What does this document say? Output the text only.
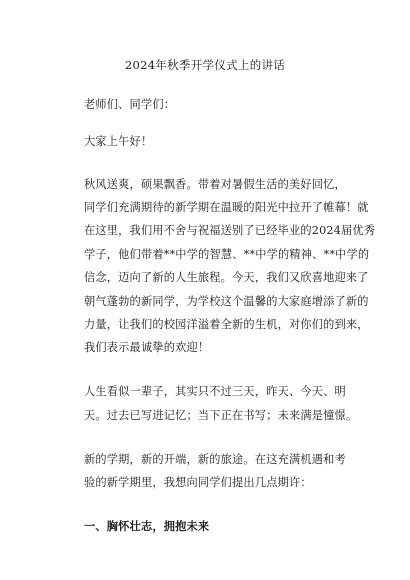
2024年秋季开学仪式上的讲话
老师们、同学们：
大家上午好！
秋风送爽，硕果飘香。带着对暑假生活的美好回忆，
同学们充满期待的新学期在温暖的阳光中拉开了帷幕！就
在这里，我们用不舍与祝福送别了已经毕业的2024届优秀
学子，他们带着**中学的智慧、**中学的精神、**中学的
信念，迈向了新的人生旅程。今天，我们又欣喜地迎来了
朝气蓬勃的新同学，为学校这个温馨的大家庭增添了新的
力量，让我们的校园洋溢着全新的生机，对你们的到来，
我们表示最诚挚的欢迎！
人生看似一辈子，其实只不过三天，昨天、今天、明
天。过去已写进记忆；当下正在书写；未来满是憧憬。
新的学期，新的开端，新的旅途。在这充满机遇和考
验的新学期里，我想向同学们提出几点期许：
一、胸怀壮志，拥抱未来
